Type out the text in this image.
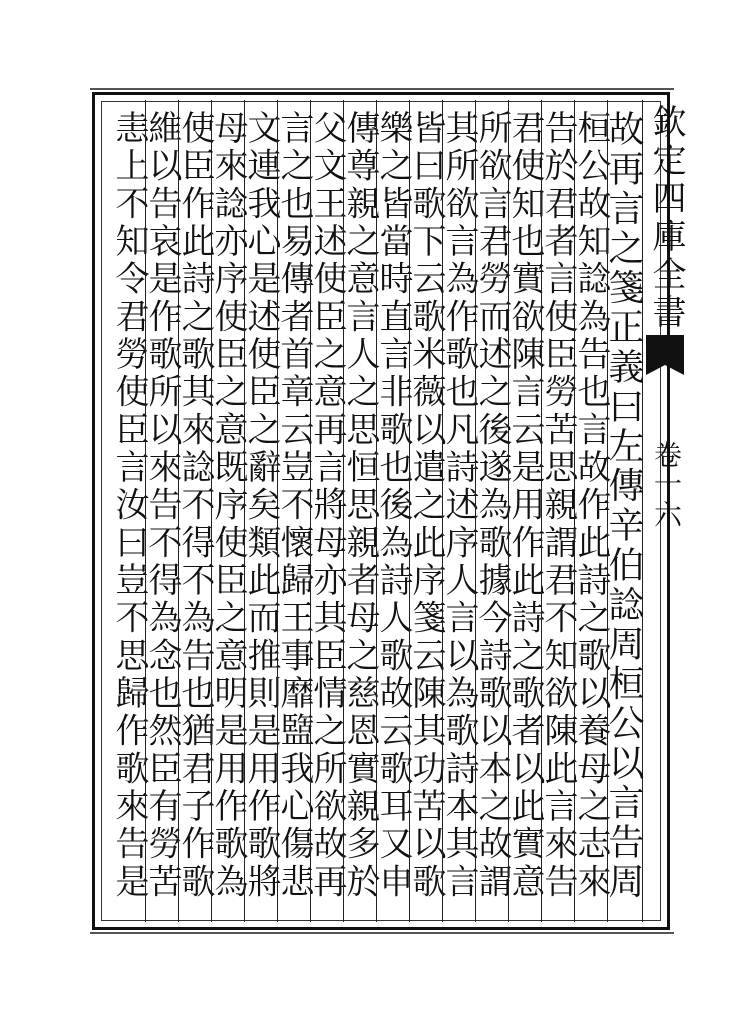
欽定四庫全書
卷十六
故再言之箋正義曰左傳辛伯諗周桓公以言告周
桓公故知諗為告也言故作此詩之歌以養母之志來
告於君者言使臣勞苦思親謂君不知欲陳此言來告
君使知也實欲陳言云是用作此詩之歌者以此實意
所欲言君勞而述之後遂為歌據今詩歌以本之故謂
其所欲言為作歌也凡詩述序人言以為歌詩本其言
皆曰歌下云歌米薇以遣之此序箋云陳其功苦以歌
樂之皆當時直言非歌也後為詩人歌故云歌耳又申
傳尊親之意言人之思恒思親者母之慈恩實親多於
父文王述使臣之意再言將母亦其臣情之所欲故再
言之也易傳者首章云豈不懷歸王事靡盬我心傷悲
文連我心是述使臣之辭矣類此而推則是用作歌將
母來諗亦序使臣之意既序使臣之意明是用作歌為
使臣作此詩之歌其來諗不得不為告也猶君子作歌
維以告哀是作歌所以來告不得為念也然臣有勞苦
恚上不知令君勞使臣言汝曰豈不思歸作歌來告是
